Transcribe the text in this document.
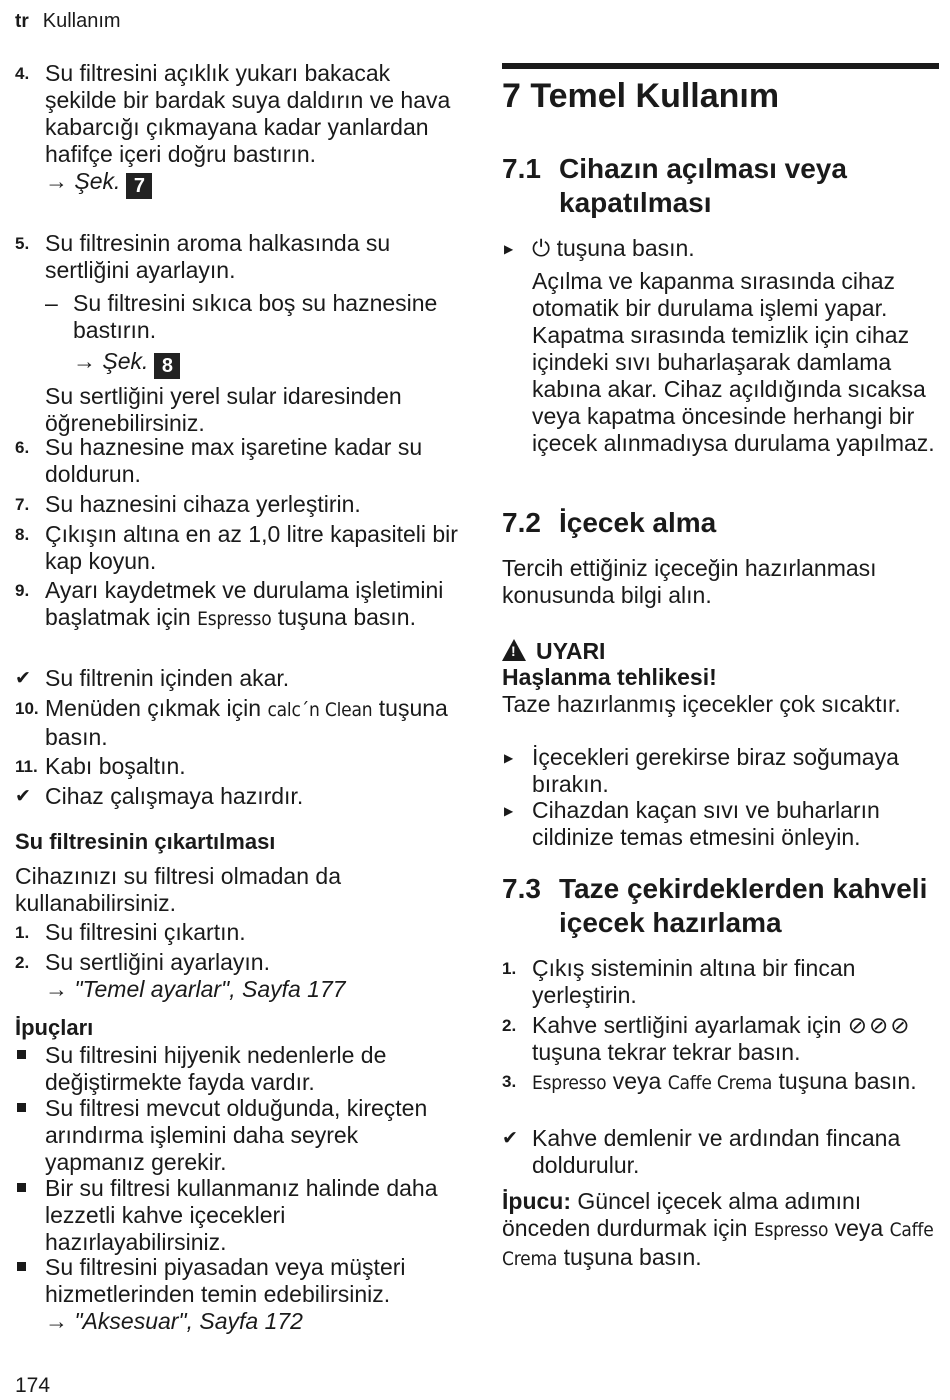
tr Kullanım
4. Su filtresini açıklık yukarı bakacak şekilde bir bardak suya daldırın ve hava kabarcığı çıkmayana kadar yanlardan hafifçe içeri doğru bastırın.
→ Şek. 7
5. Su filtresinin aroma halkasında su sertliğini ayarlayın.
– Su filtresini sıkıca boş su haznesine bastırın.
→ Şek. 8
Su sertliğini yerel sular idaresinden öğrenebilirsiniz.
6. Su haznesine max işaretine kadar su doldurun.
7. Su haznesini cihaza yerleştirin.
8. Çıkışın altına en az 1,0 litre kapasiteli bir kap koyun.
9. Ayarı kaydetmek ve durulama işletimini başlatmak için Espresso tuşuna basın.
✔ Su filtrenin içinden akar.
10. Menüden çıkmak için calc´n Clean tuşuna basın.
11. Kabı boşaltın.
✔ Cihaz çalışmaya hazırdır.
Su filtresinin çıkartılması
Cihazınızı su filtresi olmadan da kullanabilirsiniz.
1. Su filtresini çıkartın.
2. Su sertliğini ayarlayın.
→ "Temel ayarlar", Sayfa 177
İpuçları
Su filtresini hijyenik nedenlerle de değiştirmekte fayda vardır.
Su filtresi mevcut olduğunda, kireçten arındırma işlemini daha seyrek yapmanız gerekir.
Bir su filtresi kullanmanız halinde daha lezzetli kahve içecekleri hazırlayabilirsiniz.
Su filtresini piyasadan veya müşteri hizmetlerinden temin edebilirsiniz.
→ "Aksesuar", Sayfa 172
7 Temel Kullanım
7.1 Cihazın açılması veya kapatılması
▶ ⏻ tuşuna basın.
Açılma ve kapanma sırasında cihaz otomatik bir durulama işlemi yapar. Kapatma sırasında temizlik için cihaz içindeki sıvı buharlaşarak damlama kabına akar. Cihaz açıldığında sıcaksa veya kapatma öncesinde herhangi bir içecek alınmadıysa durulama yapılmaz.
7.2 İçecek alma
Tercih ettiğiniz içeceğin hazırlanması konusunda bilgi alın.
!UYARI
Haşlanma tehlikesi!
Taze hazırlanmış içecekler çok sıcaktır.
▶ İçecekleri gerekirse biraz soğumaya bırakın.
▶ Cihazdan kaçan sıvı ve buharların cildinize temas etmesini önleyin.
7.3 Taze çekirdeklerden kahveli içecek hazırlama
1. Çıkış sisteminin altına bir fincan yerleştirin.
2. Kahve sertliğini ayarlamak için ⊘⊘⊘ tuşuna tekrar tekrar basın.
3. Espresso veya Caffe Crema tuşuna basın.
✔ Kahve demlenir ve ardından fincana doldurulur.
İpucu: Güncel içecek alma adımını önceden durdurmak için Espresso veya Caffe Crema tuşuna basın.
174
